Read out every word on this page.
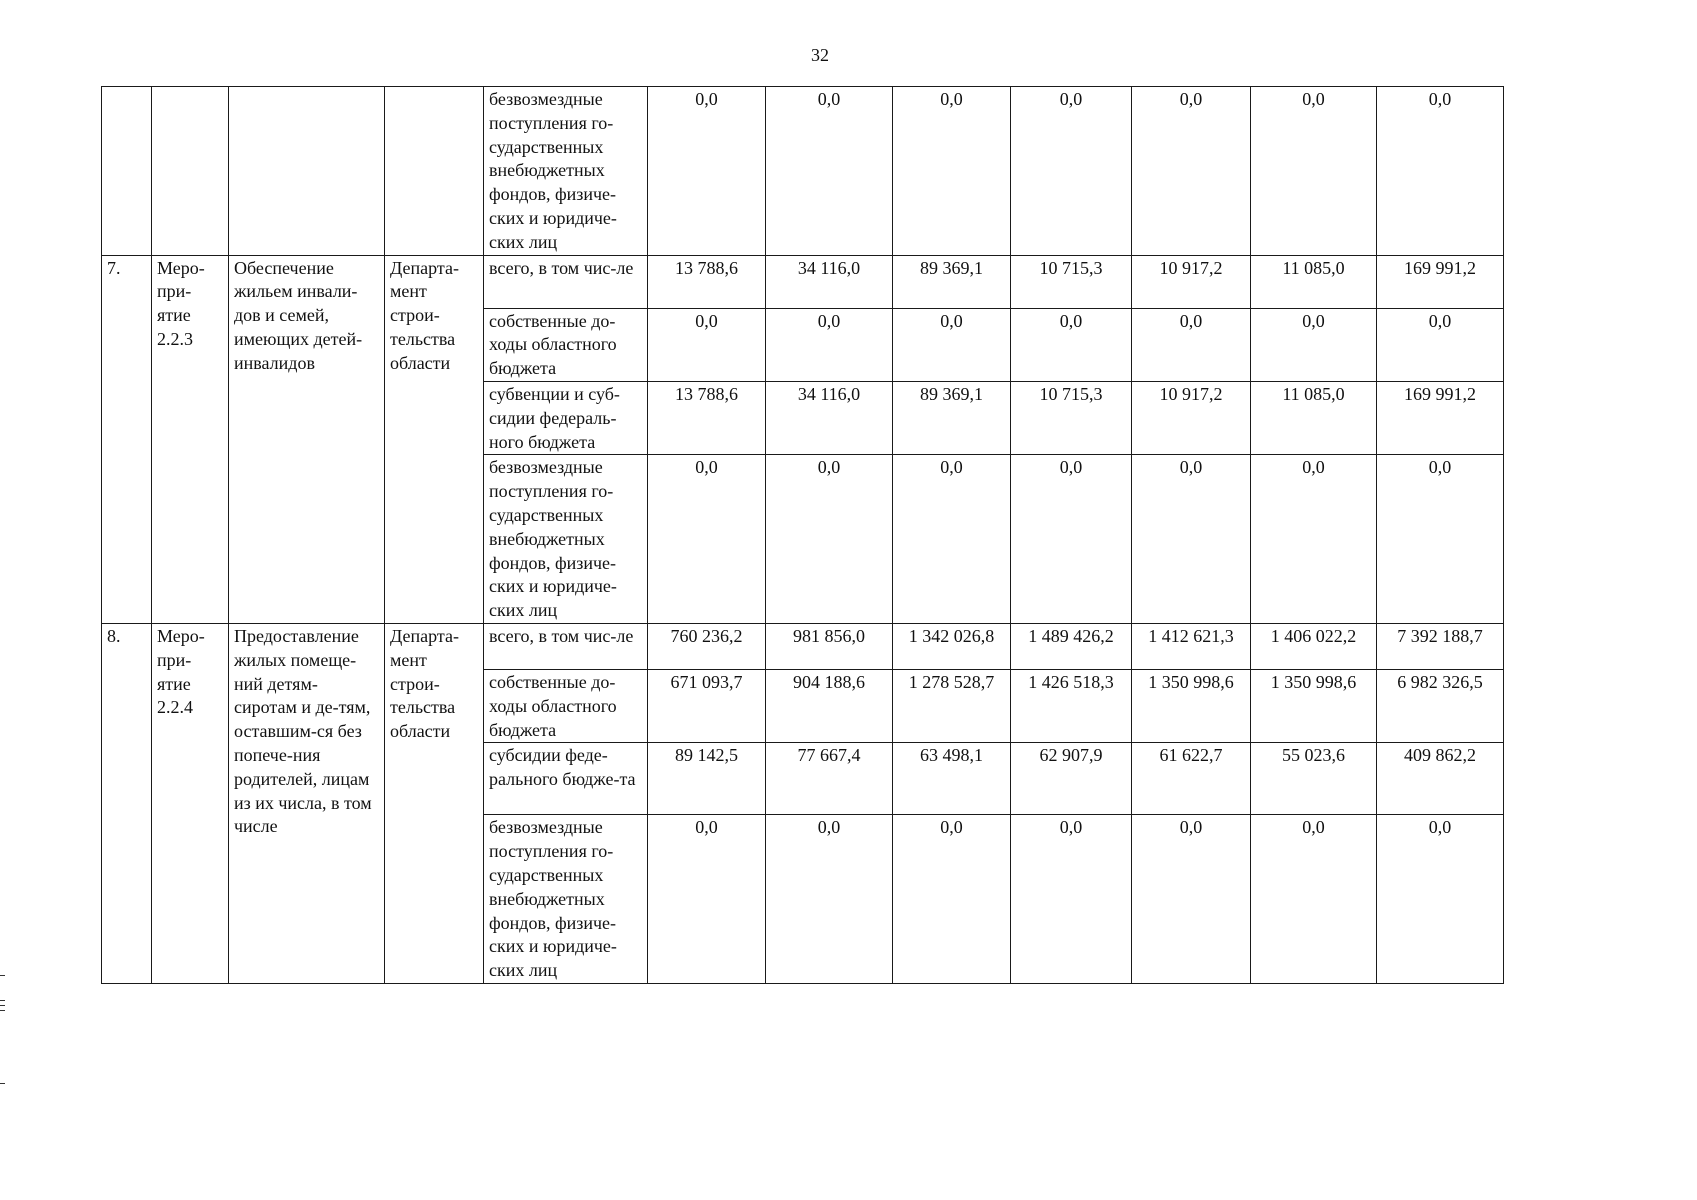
32
				безвозмездные поступления го-сударственных внебюджетных фондов, физиче-ских и юридиче-ских лиц	0,0	0,0	0,0	0,0	0,0	0,0	0,0
7.	Меро-при-ятие 2.2.3	Обеспечение жильем инвали-дов и семей, имеющих детей-инвалидов	Департа-мент строи-тельства области	всего, в том чис-ле	13 788,6	34 116,0	89 369,1	10 715,3	10 917,2	11 085,0	169 991,2
				собственные до-ходы областного бюджета	0,0	0,0	0,0	0,0	0,0	0,0	0,0
				субвенции и суб-сидии федераль-ного бюджета	13 788,6	34 116,0	89 369,1	10 715,3	10 917,2	11 085,0	169 991,2
				безвозмездные поступления го-сударственных внебюджетных фондов, физиче-ских и юридиче-ских лиц	0,0	0,0	0,0	0,0	0,0	0,0	0,0
8.	Меро-при-ятие 2.2.4	Предоставление жилых помеще-ний детям-сиротам и де-тям, оставшим-ся без попече-ния родителей, лицам из их числа, в том числе	Департа-мент строи-тельства области	всего, в том чис-ле	760 236,2	981 856,0	1 342 026,8	1 489 426,2	1 412 621,3	1 406 022,2	7 392 188,7
				собственные до-ходы областного бюджета	671 093,7	904 188,6	1 278 528,7	1 426 518,3	1 350 998,6	1 350 998,6	6 982 326,5
				субсидии феде-рального бюдже-та	89 142,5	77 667,4	63 498,1	62 907,9	61 622,7	55 023,6	409 862,2
				безвозмездные поступления го-сударственных внебюджетных фондов, физиче-ских и юридиче-ских лиц	0,0	0,0	0,0	0,0	0,0	0,0	0,0
